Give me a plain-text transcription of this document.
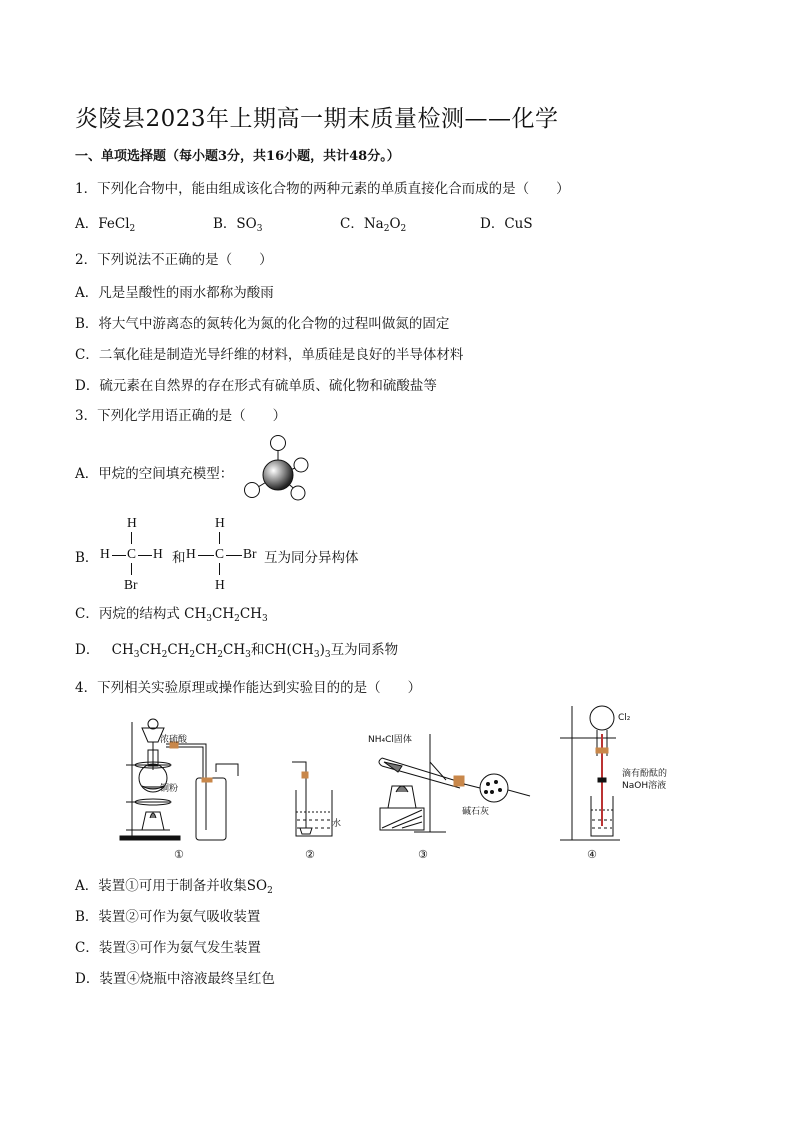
炎陵县2023年上期高一期末质量检测——化学
一、单项选择题（每小题3分，共16小题，共计48分。）
1．下列化合物中，能由组成该化合物的两种元素的单质直接化合而成的是（　　）
A．FeCl$_2$	B．$SO_3$	C．$Na_2O_2$	D．CuS
2．下列说法不正确的是（　　）
A．凡是呈酸性的雨水都称为酸雨
B．将大气中游离态的氮转化为氮的化合物的过程叫做氮的固定
C．二氧化硅是制造光导纤维的材料，单质硅是良好的半导体材料
D．硫元素在自然界的存在形式有硫单质、硫化物和硫酸盐等
3．下列化学用语正确的是（　　）
A．甲烷的空间填充模型：
B．
H
H C H
Br
和
H
H C Br
H
互为同分异构体
C．丙烷的结构式 $CH_3CH_2CH_3$
D． $CH_3CH_2CH_2CH_2CH_3$和$CH(CH_3)_3$互为同系物
4．下列相关实验原理或操作能达到实验目的的是（　　）
浓硫酸
铜粉
水
NH₄Cl固体
碱石灰
Cl₂
滴有酚酞的
NaOH溶液
①	②	③	④
A．装置①可用于制备并收集$SO_2$
B．装置②可作为氨气吸收装置
C．装置③可作为氨气发生装置
D．装置④烧瓶中溶液最终呈红色
